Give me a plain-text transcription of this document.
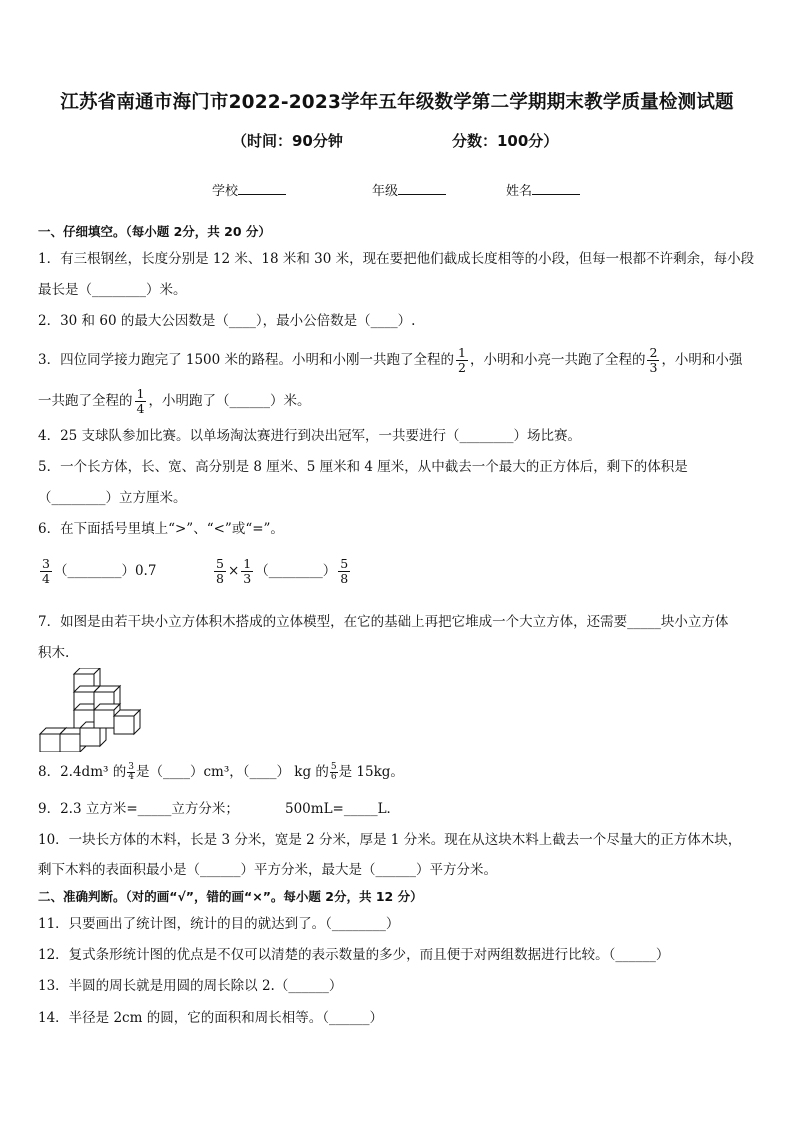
江苏省南通市海门市2022-2023学年五年级数学第二学期期末教学质量检测试题
（时间：90分钟	分数：100分）
学校	年级	姓名
一、仔细填空。（每小题 2分，共 20 分）
1．有三根钢丝，长度分别是 12 米、18 米和 30 米，现在要把他们截成长度相等的小段，但每一根都不许剩余，每小段
最长是（________）米。
2．30 和 60 的最大公因数是（____），最小公倍数是（____）.
3．四位同学接力跑完了 1500 米的路程。小明和小刚一共跑了全程的 $\frac{1}{2}$ ，小明和小亮一共跑了全程的 $\frac{2}{3}$ ，小明和小强
一共跑了全程的 $\frac{1}{4}$ ，小明跑了（______）米。
4．25 支球队参加比赛。以单场淘汰赛进行到决出冠军，一共要进行（________）场比赛。
5．一个长方体，长、宽、高分别是 8 厘米、5 厘米和 4 厘米，从中截去一个最大的正方体后，剩下的体积是
（________）立方厘米。
6．在下面括号里填上“>”、“<”或“=”。
$\frac{3}{4}$ （________）0.7	$\frac{5}{8} \times \frac{1}{3}$ （________） $\frac{5}{8}$
7．如图是由若干块小立方体积木搭成的立体模型，在它的基础上再把它堆成一个大立方体，还需要_____块小立方体
积木.
8．2.4dm³ 的 $\frac{3}{4}$ 是（____）cm³，（____） kg 的 $\frac{5}{6}$ 是 15kg。
9．2.3 立方米=_____立方分米；	500mL=_____L．
10．一块长方体的木料，长是 3 分米，宽是 2 分米，厚是 1 分米。现在从这块木料上截去一个尽量大的正方体木块，
剩下木料的表面积最小是（______）平方分米，最大是（______）平方分米。
二、准确判断。（对的画“√”，错的画“×”。每小题 2分，共 12 分）
11．只要画出了统计图，统计的目的就达到了。（________）
12．复式条形统计图的优点是不仅可以清楚的表示数量的多少，而且便于对两组数据进行比较。（______）
13．半圆的周长就是用圆的周长除以 2.（______）
14．半径是 2cm 的圆，它的面积和周长相等。（______）
